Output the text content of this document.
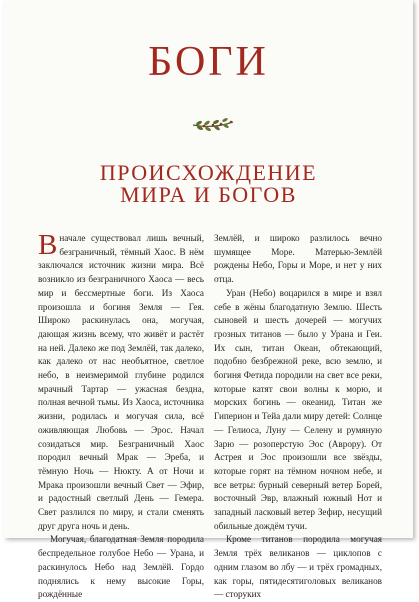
БОГИ
ПРОИСХОЖДЕНИЕ
МИРА И БОГОВ

Вначале существовал лишь вечный, безграничный, тёмный Хаос. В нём заключался источник жизни мира. Всё возникло из безграничного Хаоса — весь мир и бессмертные боги. Из Хаоса произошла и богиня Земля — Гея. Широко раскинулась она, могучая, дающая жизнь всему, что живёт и растёт на ней. Далеко же под Землёй, так далеко, как далеко от нас необъятное, светлое небо, в неизмеримой глубине родился мрачный Тартар — ужасная бездна, полная вечной тьмы. Из Хаоса, источника жизни, родилась и могучая сила, всё оживляющая Любовь — Эрос. Начал созидаться мир. Безграничный Хаос породил вечный Мрак — Эреба, и тёмную Ночь — Нюкту. А от Ночи и Мрака произошли вечный Свет — Эфир, и радостный светлый День — Гемера. Свет разлился по миру, и стали сменять друг друга ночь и день.

Могучая, благодатная Земля породила беспредельное голубое Небо — Урана, и раскинулось Небо над Землёй. Гордо поднялись к нему высокие Горы, рождённые

Землёй, и широко разлилось вечно шумящее Море. Матерью-Землёй рождены Небо, Горы и Море, и нет у них отца.

Уран (Небо) воцарился в мире и взял себе в жёны благодатную Землю. Шесть сыновей и шесть дочерей — могучих грозных титанов — было у Урана и Геи. Их сын, титан Океан, обтекающий, подобно безбрежной реке, всю землю, и богиня Фетида породили на свет все реки, которые катят свои волны к морю, и морских богинь — океанид. Титан же Гиперион и Тейа дали миру детей: Солнце — Гелиоса, Луну — Селену и румяную Зарю — розоперстую Эос (Аврору). От Астрея и Эос произошли все звёзды, которые горят на тёмном ночном небе, и все ветры: бурный северный ветер Борей, восточный Эвр, влажный южный Нот и западный ласковый ветер Зефир, несущий обильные дождём тучи.

Кроме титанов породила могучая Земля трёх великанов — циклопов с одним глазом во лбу — и трёх громадных, как горы, пятидесятиголовых великанов — сторуких
